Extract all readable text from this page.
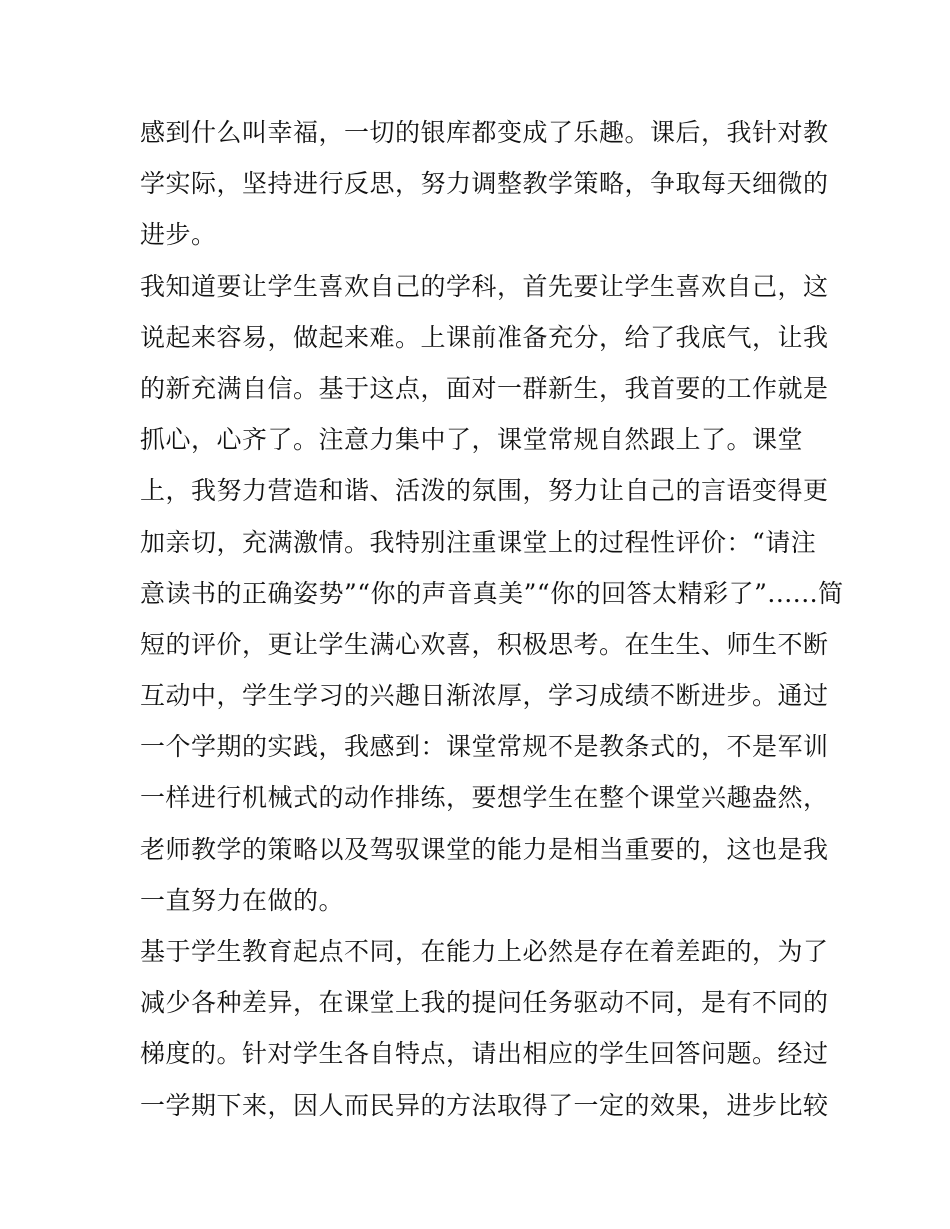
感到什么叫幸福，一切的银库都变成了乐趣。课后，我针对教
学实际，坚持进行反思，努力调整教学策略，争取每天细微的
进步。
我知道要让学生喜欢自己的学科，首先要让学生喜欢自己，这
说起来容易，做起来难。上课前准备充分，给了我底气，让我
的新充满自信。基于这点，面对一群新生，我首要的工作就是
抓心，心齐了。注意力集中了，课堂常规自然跟上了。课堂
上，我努力营造和谐、活泼的氛围，努力让自己的言语变得更
加亲切，充满激情。我特别注重课堂上的过程性评价：“请注
意读书的正确姿势”“你的声音真美”“你的回答太精彩了”......简
短的评价，更让学生满心欢喜，积极思考。在生生、师生不断
互动中，学生学习的兴趣日渐浓厚，学习成绩不断进步。通过
一个学期的实践，我感到：课堂常规不是教条式的，不是军训
一样进行机械式的动作排练，要想学生在整个课堂兴趣盎然，
老师教学的策略以及驾驭课堂的能力是相当重要的，这也是我
一直努力在做的。
基于学生教育起点不同，在能力上必然是存在着差距的，为了
减少各种差异，在课堂上我的提问任务驱动不同，是有不同的
梯度的。针对学生各自特点，请出相应的学生回答问题。经过
一学期下来，因人而民异的方法取得了一定的效果，进步比较
